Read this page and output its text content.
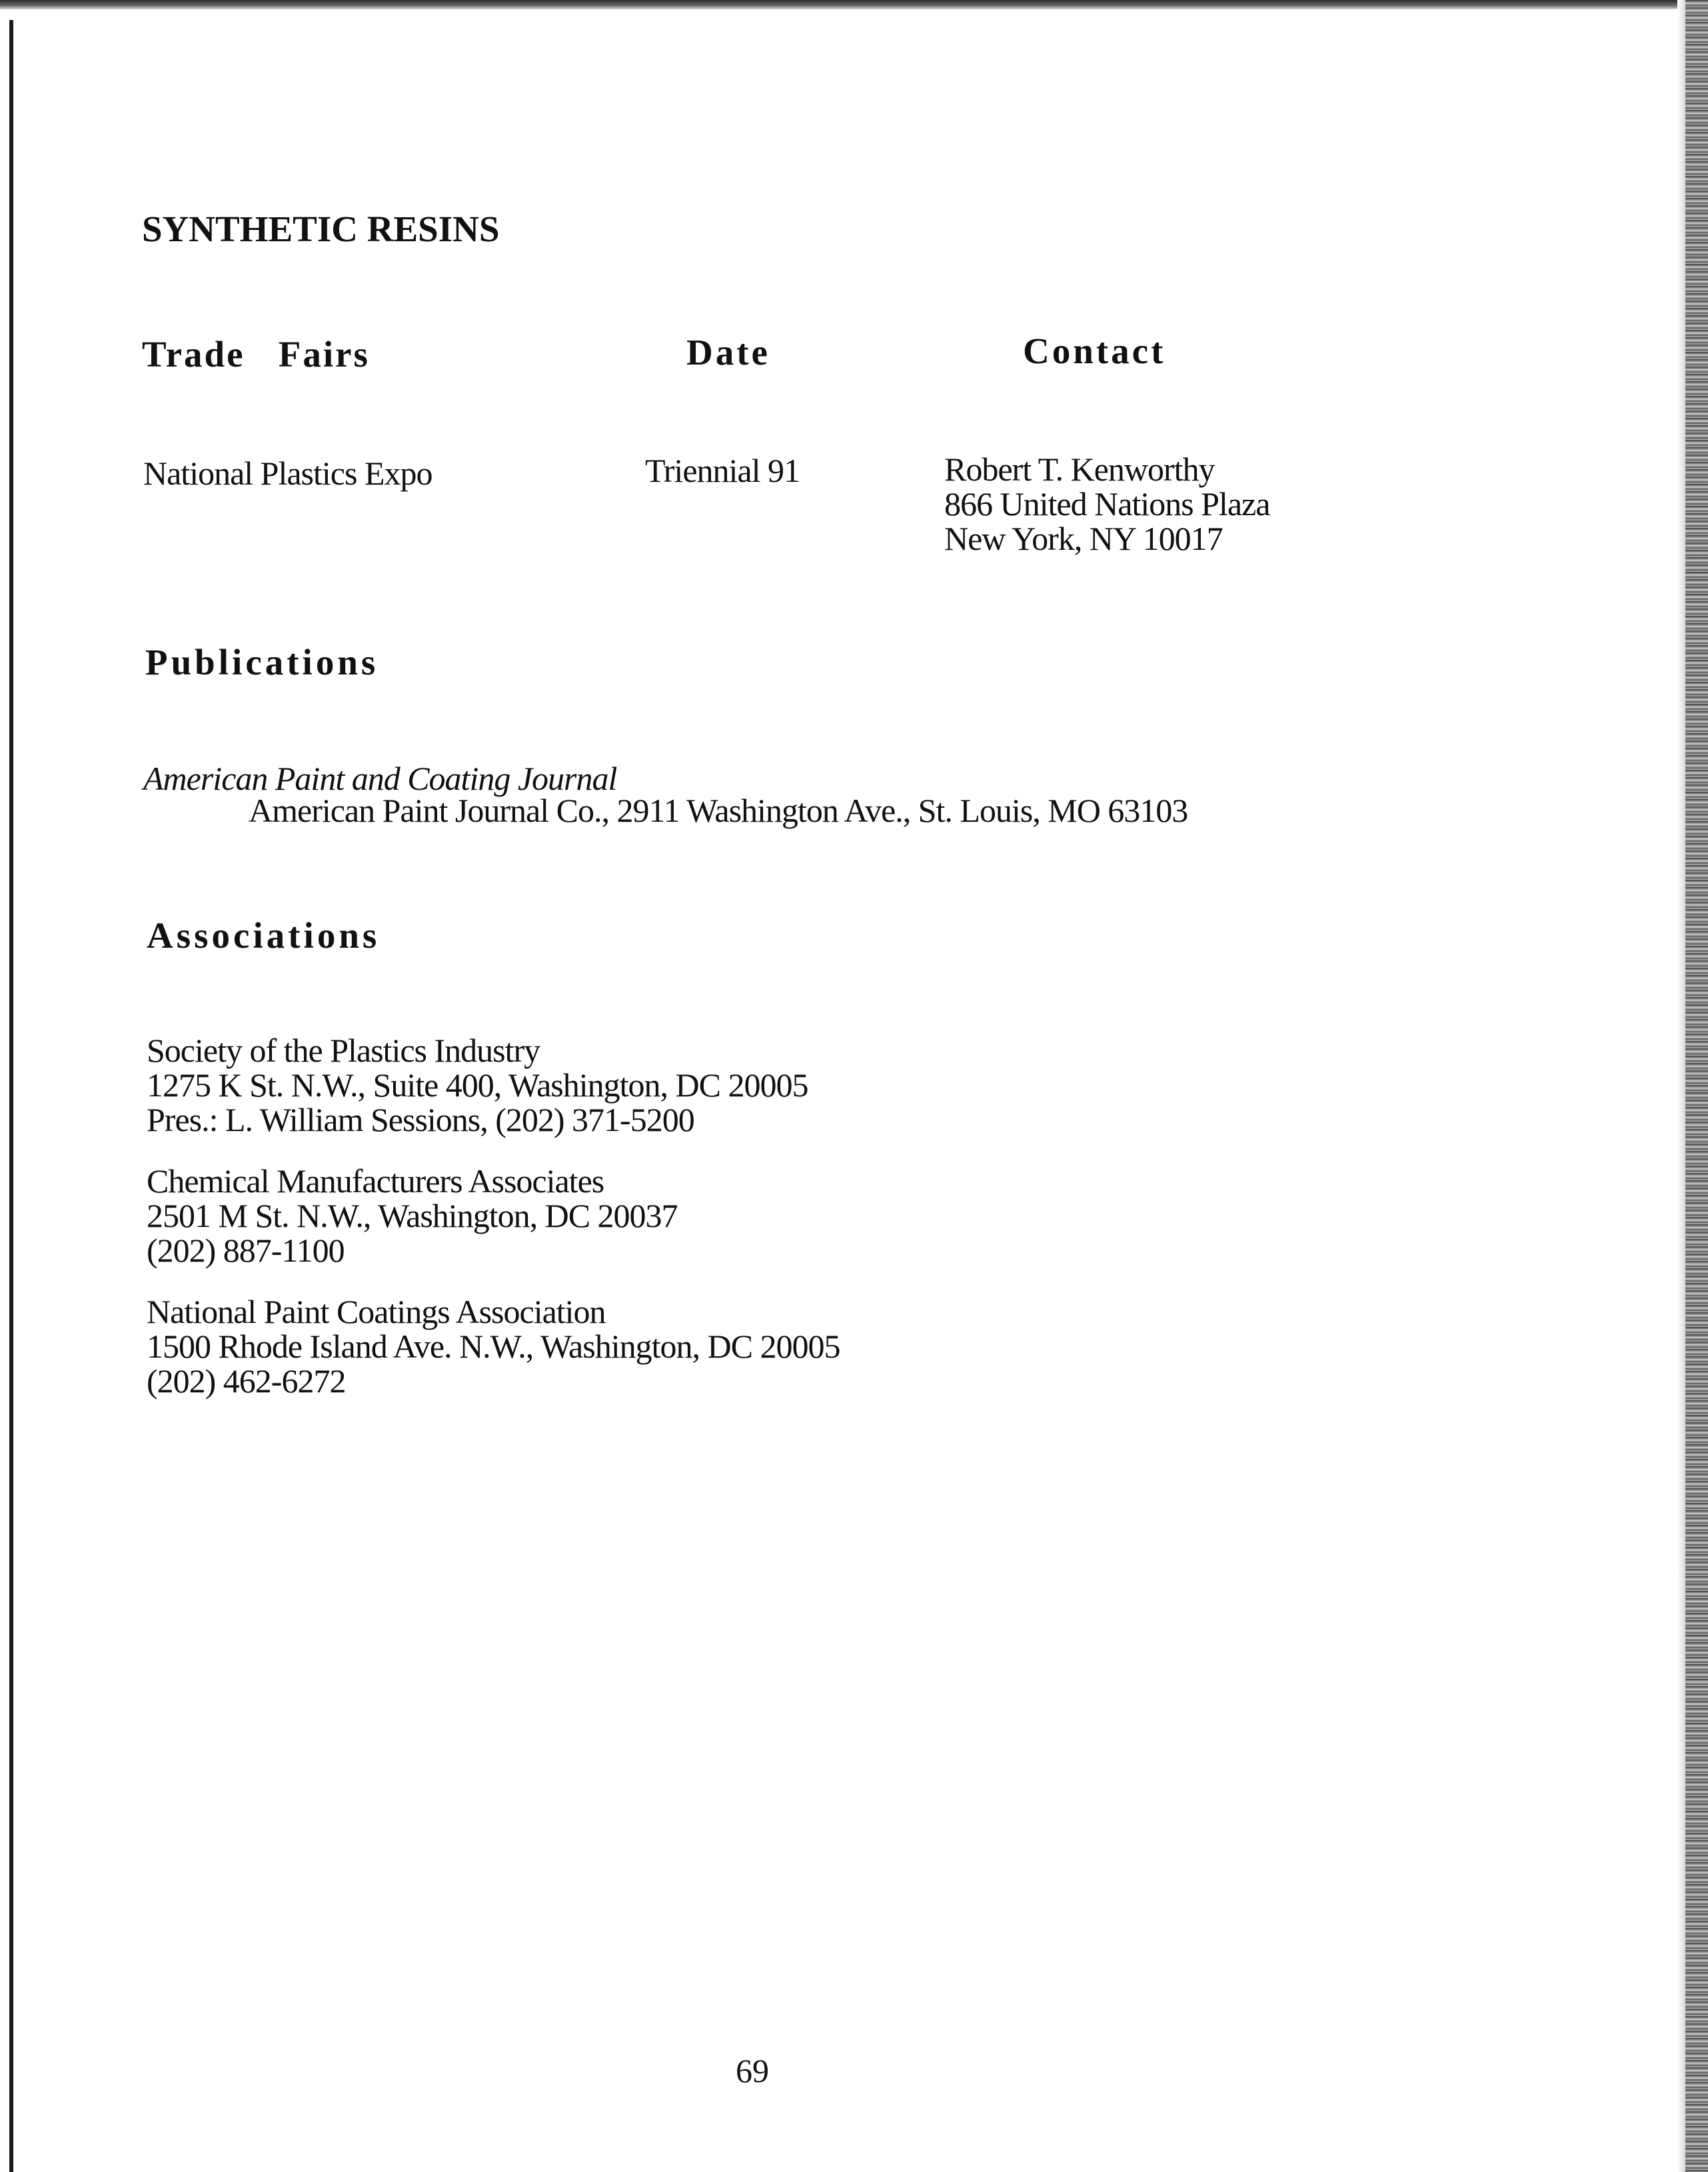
SYNTHETIC RESINS
Trade   Fairs	Date	Contact
National Plastics Expo	Triennial 91	Robert T. Kenworthy
866 United Nations Plaza
New York, NY 10017
Publications
American Paint and Coating Journal
American Paint Journal Co., 2911 Washington Ave., St. Louis, MO 63103
Associations
Society of the Plastics Industry
1275 K St. N.W., Suite 400, Washington, DC 20005
Pres.: L. William Sessions, (202) 371-5200
Chemical Manufacturers Associates
2501 M St. N.W., Washington, DC 20037
(202) 887-1100
National Paint Coatings Association
1500 Rhode Island Ave. N.W., Washington, DC 20005
(202) 462-6272
69
